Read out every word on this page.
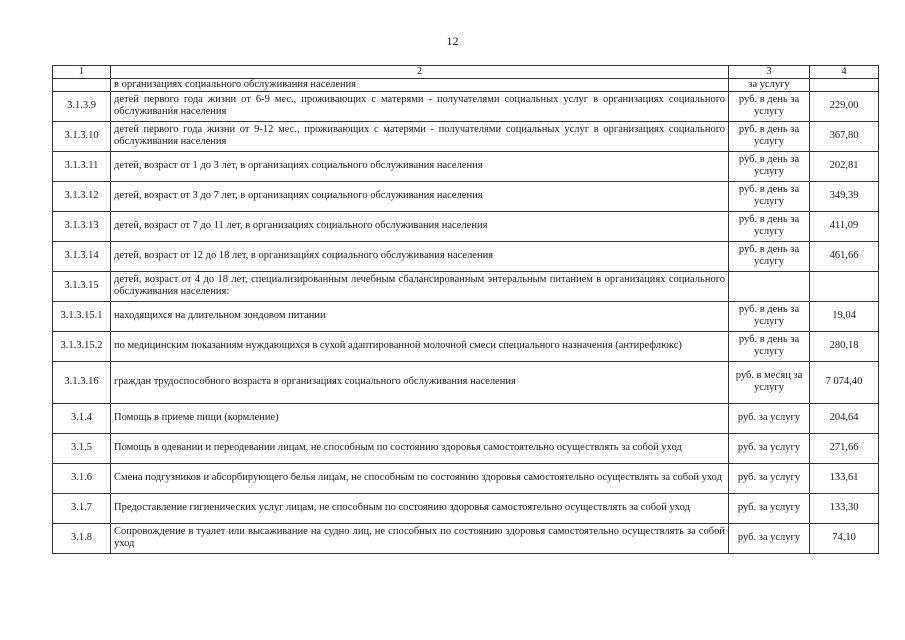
12
1	2	3	4
	в организациях социального обслуживания населения	за услугу	
3.1.3.9	детей первого года жизни от 6-9 мес., проживающих с матерями - получателями социальных услуг в организациях социального обслуживания населения	руб. в день за услугу	229,00
3.1.3.10	детей первого года жизни от 9-12 мес., проживающих с матерями - получателями социальных услуг в организациях социального обслуживания населения	руб. в день за услугу	367,80
3.1.3.11	детей, возраст от 1 до 3 лет, в организациях социального обслуживания населения	руб. в день за услугу	202,81
3.1.3.12	детей, возраст от 3 до 7 лет, в организациях социального обслуживания населения	руб. в день за услугу	349,39
3.1.3.13	детей, возраст от 7 до 11 лет, в организациях социального обслуживания населения	руб. в день за услугу	411,09
3.1.3.14	детей, возраст от 12 до 18 лет, в организациях социального обслуживания населения	руб. в день за услугу	461,66
3.1.3.15	детей, возраст от 4 до 18 лет, специализированным лечебным сбалансированным энтеральным питанием в организациях социального обслуживания населения:		
3.1.3.15.1	находящихся на длительном зондовом питании	руб. в день за услугу	19,04
3.1.3.15.2	по медицинским показаниям нуждающихся в сухой адаптированной молочной смеси специального назначения (антирефлюкс)	руб. в день за услугу	280,18
3.1.3.16	граждан трудоспособного возраста в организациях социального обслуживания населения	руб. в месяц за услугу	7 074,40
3.1.4	Помощь в приеме пищи (кормление)	руб. за услугу	204,64
3.1.5	Помощь в одевании и переодевании лицам, не способным по состоянию здоровья самостоятельно осуществлять за собой уход	руб. за услугу	271,66
3.1.6	Смена подгузников и абсорбирующего белья лицам, не способным по состоянию здоровья самостоятельно осуществлять за собой уход	руб. за услугу	133,61
3.1.7	Предоставление гигиенических услуг лицам, не способным по состоянию здоровья самостоятельно осуществлять за собой уход	руб. за услугу	133,30
3.1.8	Сопровождение в туалет или высаживание на судно лиц, не способных по состоянию здоровья самостоятельно осуществлять за собой уход	руб. за услугу	74,10
